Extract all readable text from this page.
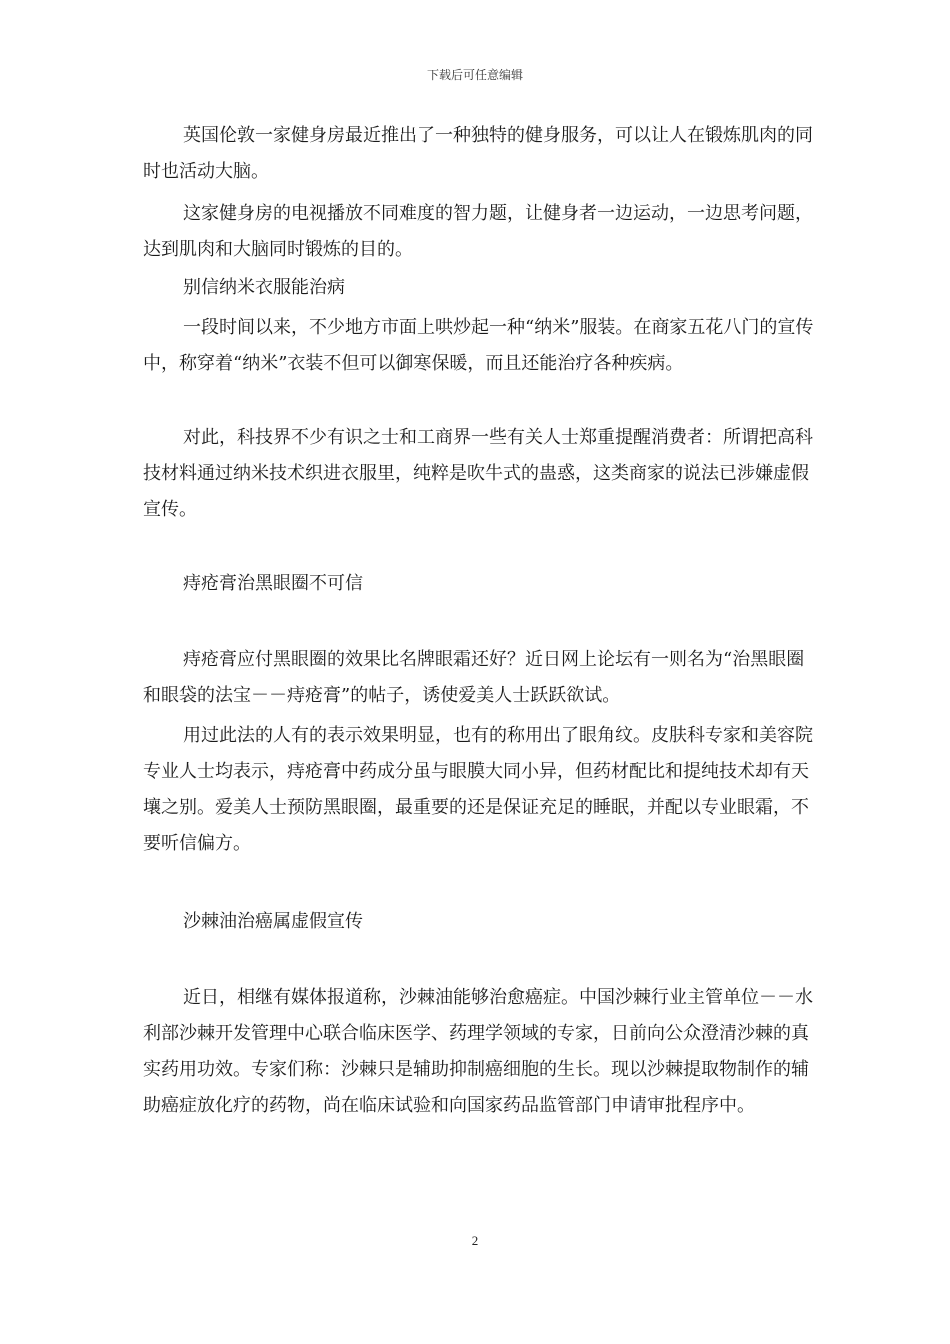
下载后可任意编辑

英国伦敦一家健身房最近推出了一种独特的健身服务，可以让人在锻炼肌肉的同时也活动大脑。

这家健身房的电视播放不同难度的智力题，让健身者一边运动，一边思考问题，达到肌肉和大脑同时锻炼的目的。

别信纳米衣服能治病

一段时间以来，不少地方市面上哄炒起一种“纳米”服装。在商家五花八门的宣传中，称穿着“纳米”衣装不但可以御寒保暖，而且还能治疗各种疾病。

对此，科技界不少有识之士和工商界一些有关人士郑重提醒消费者：所谓把高科技材料通过纳米技术织进衣服里，纯粹是吹牛式的蛊惑，这类商家的说法已涉嫌虚假宣传。

痔疮膏治黑眼圈不可信

痔疮膏应付黑眼圈的效果比名牌眼霜还好？近日网上论坛有一则名为“治黑眼圈和眼袋的法宝－－痔疮膏”的帖子，诱使爱美人士跃跃欲试。

用过此法的人有的表示效果明显，也有的称用出了眼角纹。皮肤科专家和美容院专业人士均表示，痔疮膏中药成分虽与眼膜大同小异，但药材配比和提纯技术却有天壤之别。爱美人士预防黑眼圈，最重要的还是保证充足的睡眠，并配以专业眼霜，不要听信偏方。

沙棘油治癌属虚假宣传

近日，相继有媒体报道称，沙棘油能够治愈癌症。中国沙棘行业主管单位－－水利部沙棘开发管理中心联合临床医学、药理学领域的专家，日前向公众澄清沙棘的真实药用功效。专家们称：沙棘只是辅助抑制癌细胞的生长。现以沙棘提取物制作的辅助癌症放化疗的药物，尚在临床试验和向国家药品监管部门申请审批程序中。

2
